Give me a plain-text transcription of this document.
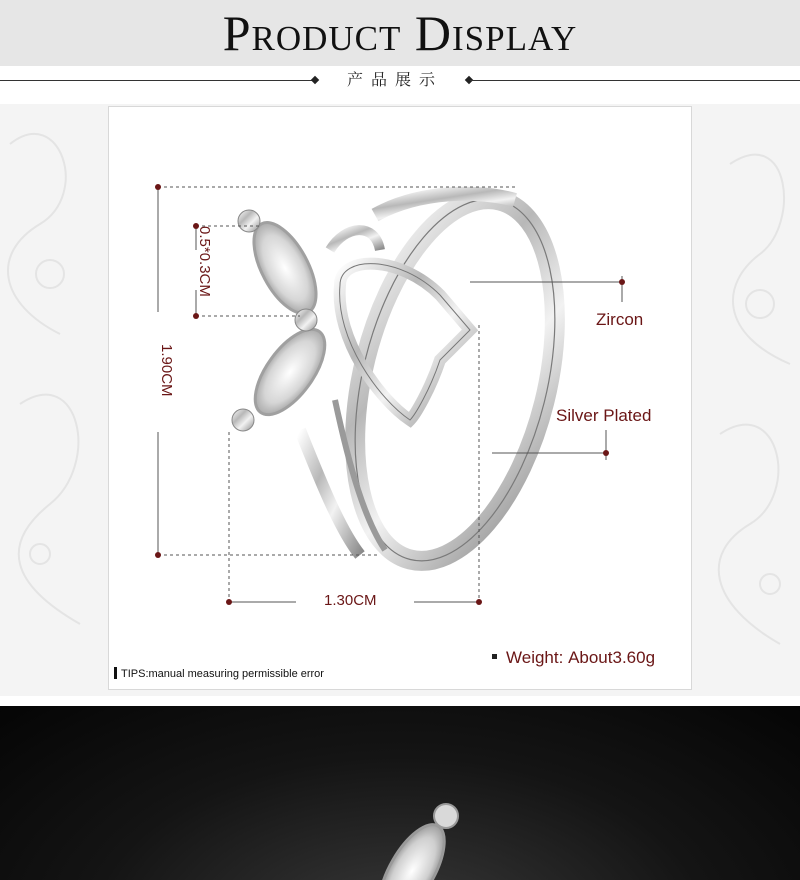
Product Display
产品展示
Zircon
Silver Plated
1.30CM
1.90CM
0.5*0.3CM
Weight: About3.60g
TIPS:manual measuring permissible error
